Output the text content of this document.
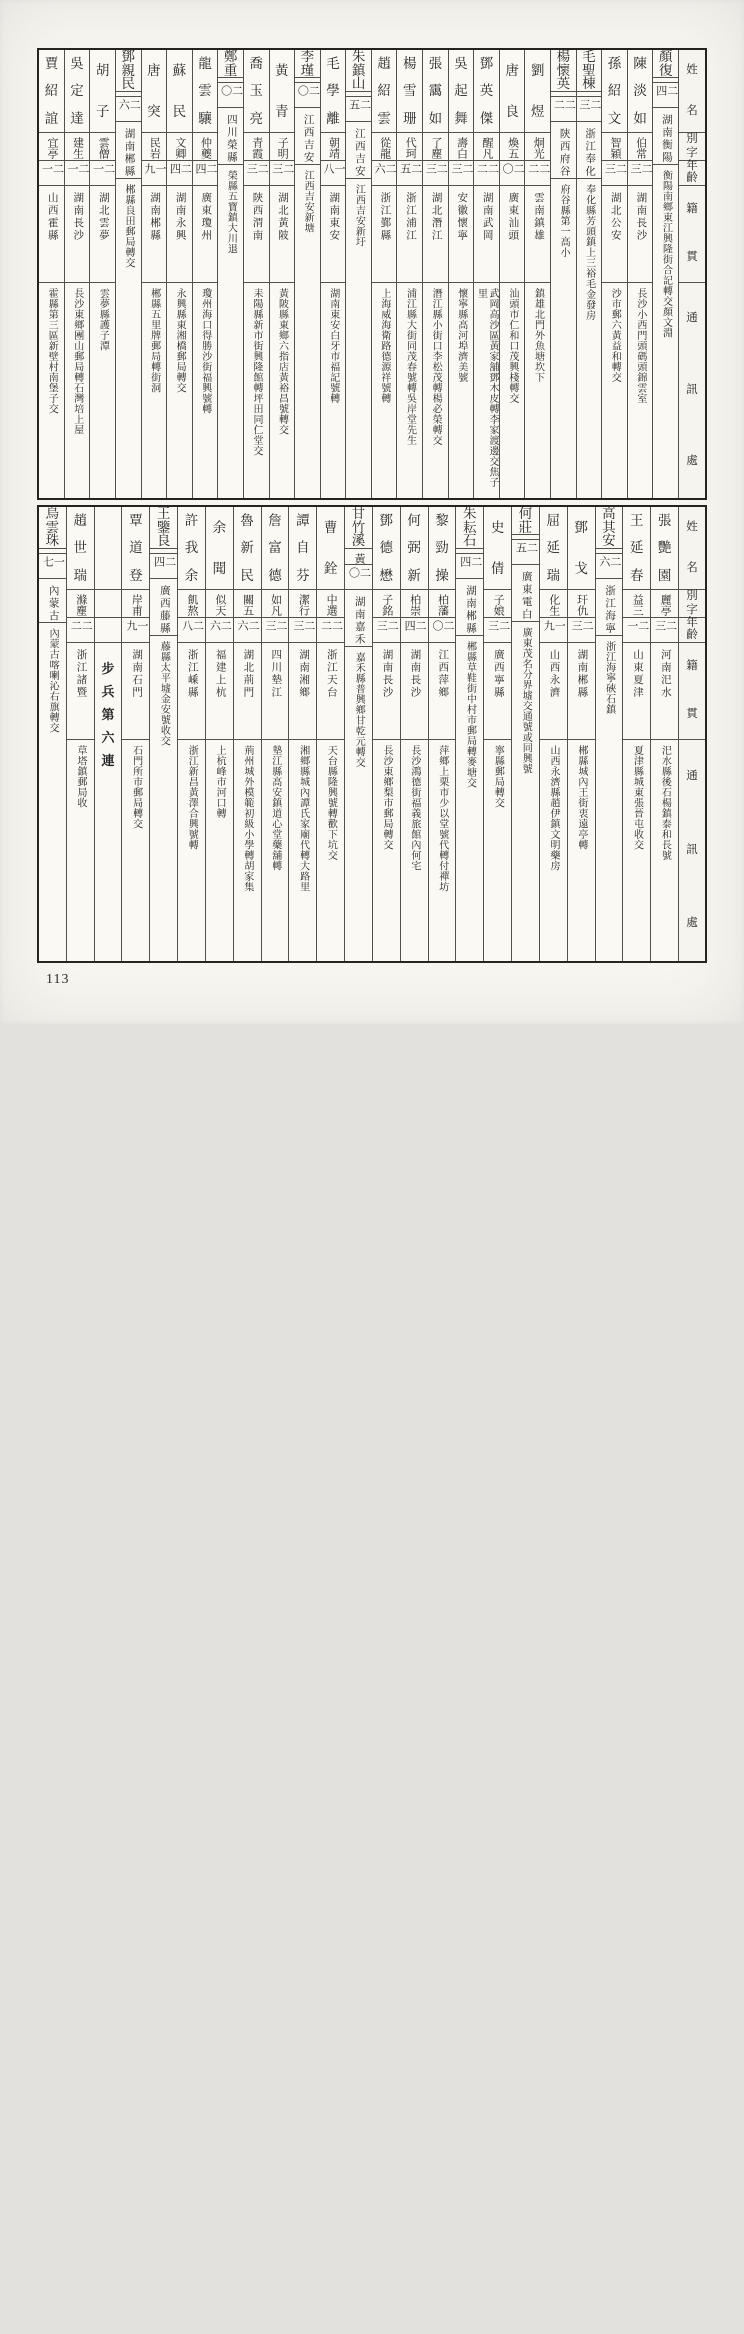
姓
名
別
字
年
齡
籍
貫
通
訊
處
顏
復
二四
湖南衡陽
衡陽南鄉東江興隆街合記轉交顏文淵
陳
淡
如
伯常
二三
湖南長沙
長沙小西門頭碼頭錦雲室
孫
紹
文
智穎
二三
湖北公安
沙市郵六黃益和轉交
毛
聖
棟
二三
浙江奉化
奉化縣芳頭鎮上三裕毛金發房
楊
懷
英
二二
陝西府谷
府谷縣第一高小
劉
煜
炯光
二二
雲南鎮雄
鎮雄北門外魚塘坎下
唐
良
煥五
二〇
廣東汕頭
汕頭市仁和口茂興棧轉交
鄧
英
傑
醒凡
二二
湖南武岡
武岡高沙區黃家舖鄧木皮轉李家渡邊交焦子里
吳
起
舞
壽白
二三
安徽懷寧
懷寧縣高河埠濟美號
張
靄
如
了塵
二三
湖北潛江
潛江縣小街口李松茂轉楊必榮轉交
楊
雪
珊
代珂
二五
浙江浦江
浦江縣大街同茂春號轉吳岸堂先生
趙
紹
雲
從龍
二六
浙江鄞縣
上海威海衛路德源祥號轉
朱
鎮
山
二五
江西吉安
江西吉安新圩
毛
學
離
朝靖
一八
湖南東安
湖南東安白牙市福記號轉
李
瑾
二〇
江西吉安
江西吉安新塘
黃
青
子明
二三
湖北黃陂
黃陂縣東鄉六指店黃裕昌號轉交
喬
玉
亮
青霞
二三
陝西渭南
耒陽縣新市街興隆館轉坪田同仁堂交
鄭
重
二〇
四川榮縣
榮縣五寶鎮大川退
龍
雲
驤
仲夔
二四
廣東瓊州
瓊州海口得勝沙街福興號轉
蘇
民
文卿
二四
湖南永興
永興縣東湘橋郵局轉交
唐
突
民岩
一九
湖南郴縣
郴縣五里牌郵局轉街洞
鄧
親
民
二六
湖南郴縣
郴縣良田郵局轉交
胡
子
雲僧
二一
湖北雲夢
雲夢縣護子潭
吳
定
達
建生
二一
湖南長沙
長沙東鄉團山郵局轉石灣培上屋
賈
紹
誼
宜亭
二一
山西霍縣
霍縣第三區新壁村南堡子交
姓
名
別
字
年
齡
籍
貫
通
訊
處
張
艷
園
麗亭
二三
河南汜水
汜水縣後石楊鎮泰和長號
王
延
春
益三
二一
山東夏津
夏津縣城東張晉屯收交
高
其
安
二六
浙江海寧
浙江海寧硤石鎮
鄧
戈
玕仇
二三
湖南郴縣
郴縣城內王街衷遠亭轉
屈
延
瑞
化生
一九
山西永濟
山西永濟縣趙伊鎮文明藥房
何
莊
二五
廣東電白
廣東茂名分界墟交通號或同興號
史
倩
子娘
二三
廣西寧縣
寧縣郵局轉交
朱
耘
石
二四
湖南郴縣
郴縣草鞋街中村市郵局轉麥塘交
黎
勁
操
柏藩
二〇
江西萍鄉
萍鄉上栗市少以堂號代轉付禪坊
何
弼
新
柏崇
二四
湖南長沙
長沙鴻德街福義旅館內何宅
鄧
德
懋
子銘
二三
湖南長沙
長沙東鄉梨市郵局轉交
甘
竹
溪
黃
二〇
湖南嘉禾
嘉禾縣普興鄉甘乾元轉交
曹
銓
中選
二二
浙江天台
天台縣隆興號轉歡下坑交
譚
自
芬
潔行
二三
湖南湘鄉
湘鄉縣城內譚氏家廟代轉大路里
詹
富
德
如凡
二三
四川墊江
墊江縣高安鎮道心堂藥舖轉
魯
新
民
關五
二六
湖北荊門
荊州城外模範初級小學轉胡家集
余
聞
似天
二六
福建上杭
上杭峰市河口轉
許
我
余
飢熬
二八
浙江嵊縣
浙江新昌黃澤合興號轉
王
鑒
良
二四
廣西藤縣
藤縣太平墟金安號收交
覃
道
登
岸甫
一九
湖南石門
石門所市郵局轉交
步
兵
第
六
連
趙
世
瑞
滌塵
二二
浙江諸暨
草塔鎮郵局收
烏
雲
珠
一七
內蒙古
內蒙古喀喇沁右旗轉交
113
